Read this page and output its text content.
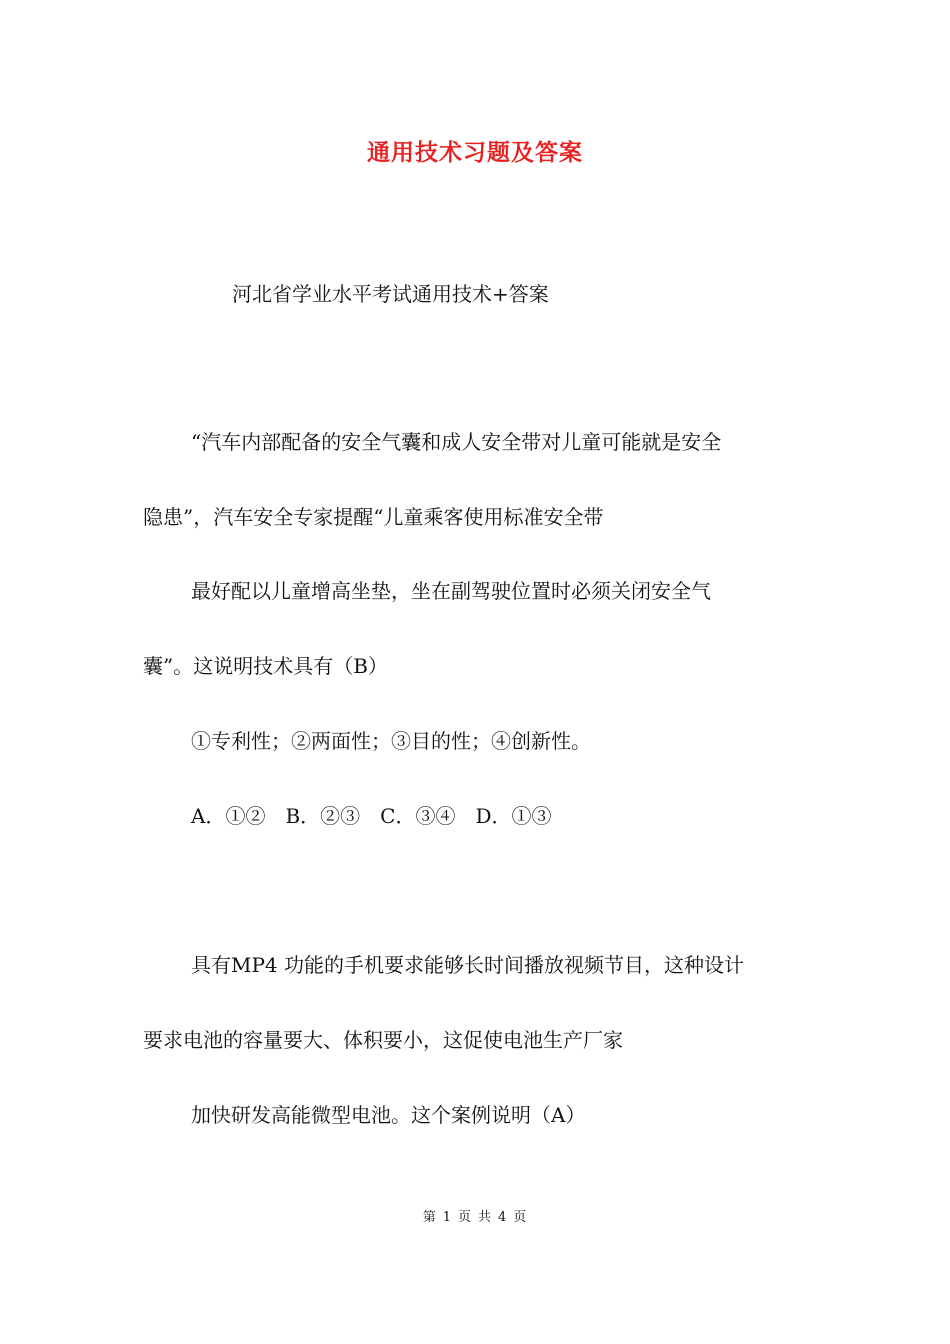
通用技术习题及答案

河北省学业水平考试通用技术+答案

“汽车内部配备的安全气囊和成人安全带对儿童可能就是安全

隐患”，汽车安全专家提醒“儿童乘客使用标准安全带

最好配以儿童增高坐垫，坐在副驾驶位置时必须关闭安全气

囊”。这说明技术具有（B）

①专利性；②两面性；③目的性；④创新性。

A．①②　B．②③　C．③④　D．①③

具有MP4 功能的手机要求能够长时间播放视频节目，这种设计

要求电池的容量要大、体积要小，这促使电池生产厂家

加快研发高能微型电池。这个案例说明（A）

第 1 页 共 4 页
